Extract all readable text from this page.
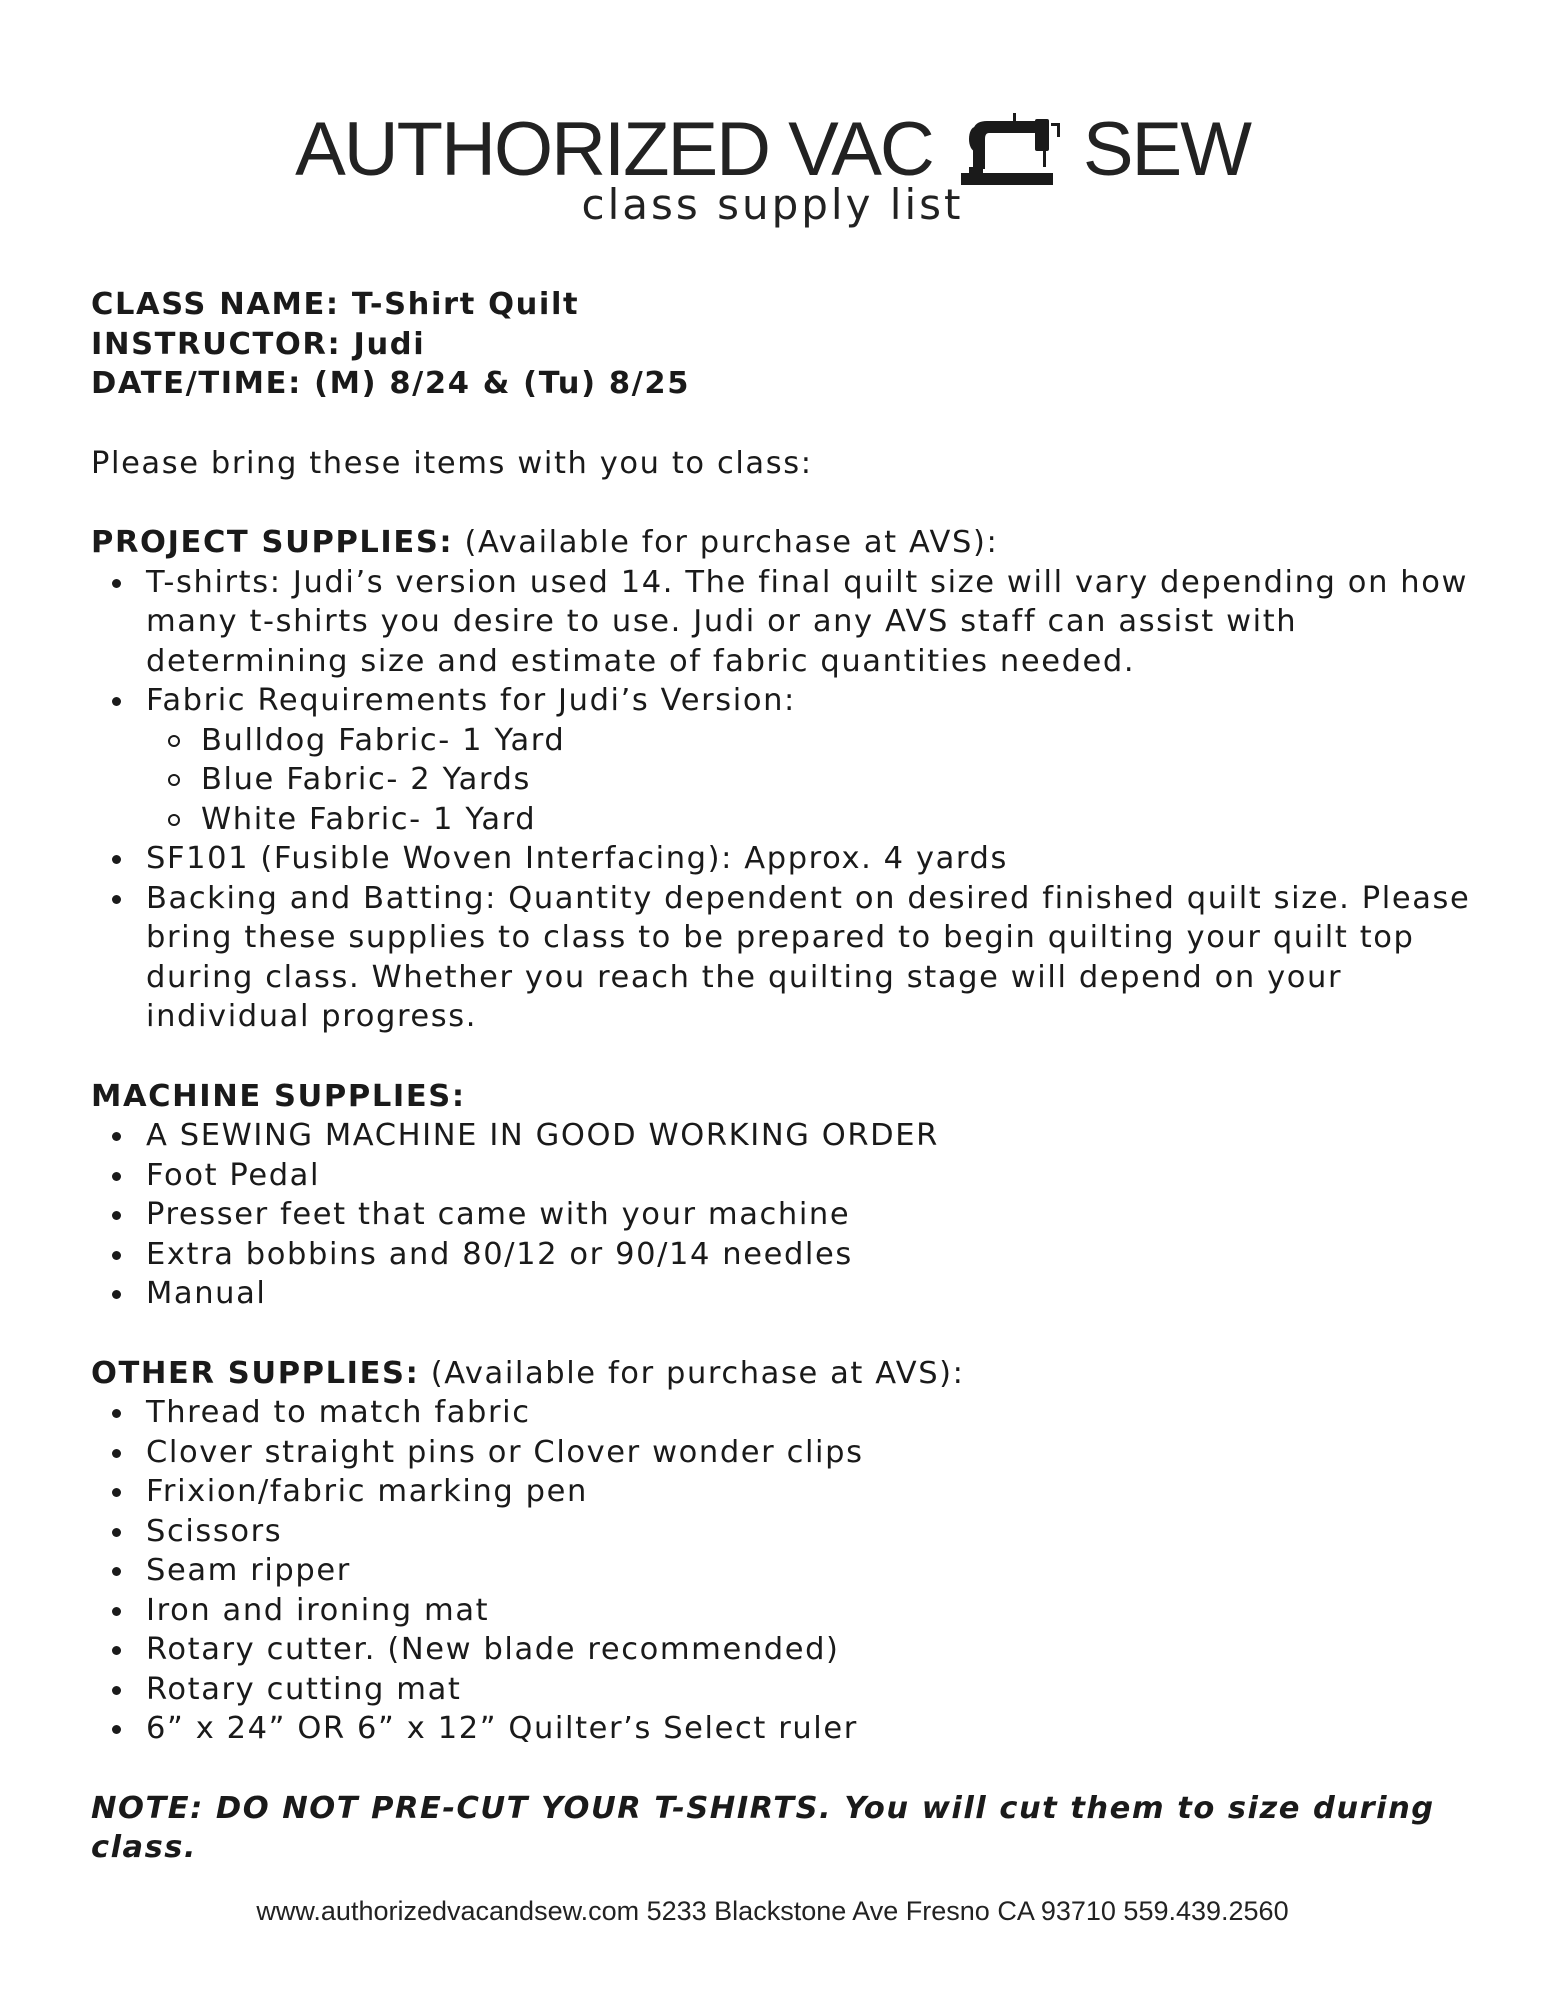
AUTHORIZED VAC SEW
class supply list
CLASS NAME: T-Shirt Quilt
INSTRUCTOR: Judi
DATE/TIME: (M) 8/24 & (Tu) 8/25
Please bring these items with you to class:
PROJECT SUPPLIES: (Available for purchase at AVS):
T-shirts: Judi’s version used 14. The final quilt size will vary depending on how many t-shirts you desire to use. Judi or any AVS staff can assist with determining size and estimate of fabric quantities needed.
Fabric Requirements for Judi’s Version:
Bulldog Fabric- 1 Yard
Blue Fabric- 2 Yards
White Fabric- 1 Yard
SF101 (Fusible Woven Interfacing): Approx. 4 yards
Backing and Batting: Quantity dependent on desired finished quilt size. Please bring these supplies to class to be prepared to begin quilting your quilt top during class. Whether you reach the quilting stage will depend on your individual progress.
MACHINE SUPPLIES:
A SEWING MACHINE IN GOOD WORKING ORDER
Foot Pedal
Presser feet that came with your machine
Extra bobbins and 80/12 or 90/14 needles
Manual
OTHER SUPPLIES: (Available for purchase at AVS):
Thread to match fabric
Clover straight pins or Clover wonder clips
Frixion/fabric marking pen
Scissors
Seam ripper
Iron and ironing mat
Rotary cutter. (New blade recommended)
Rotary cutting mat
6” x 24” OR 6” x 12” Quilter’s Select ruler
NOTE: DO NOT PRE-CUT YOUR T-SHIRTS. You will cut them to size during class.
www.authorizedvacandsew.com 5233 Blackstone Ave Fresno CA 93710 559.439.2560
